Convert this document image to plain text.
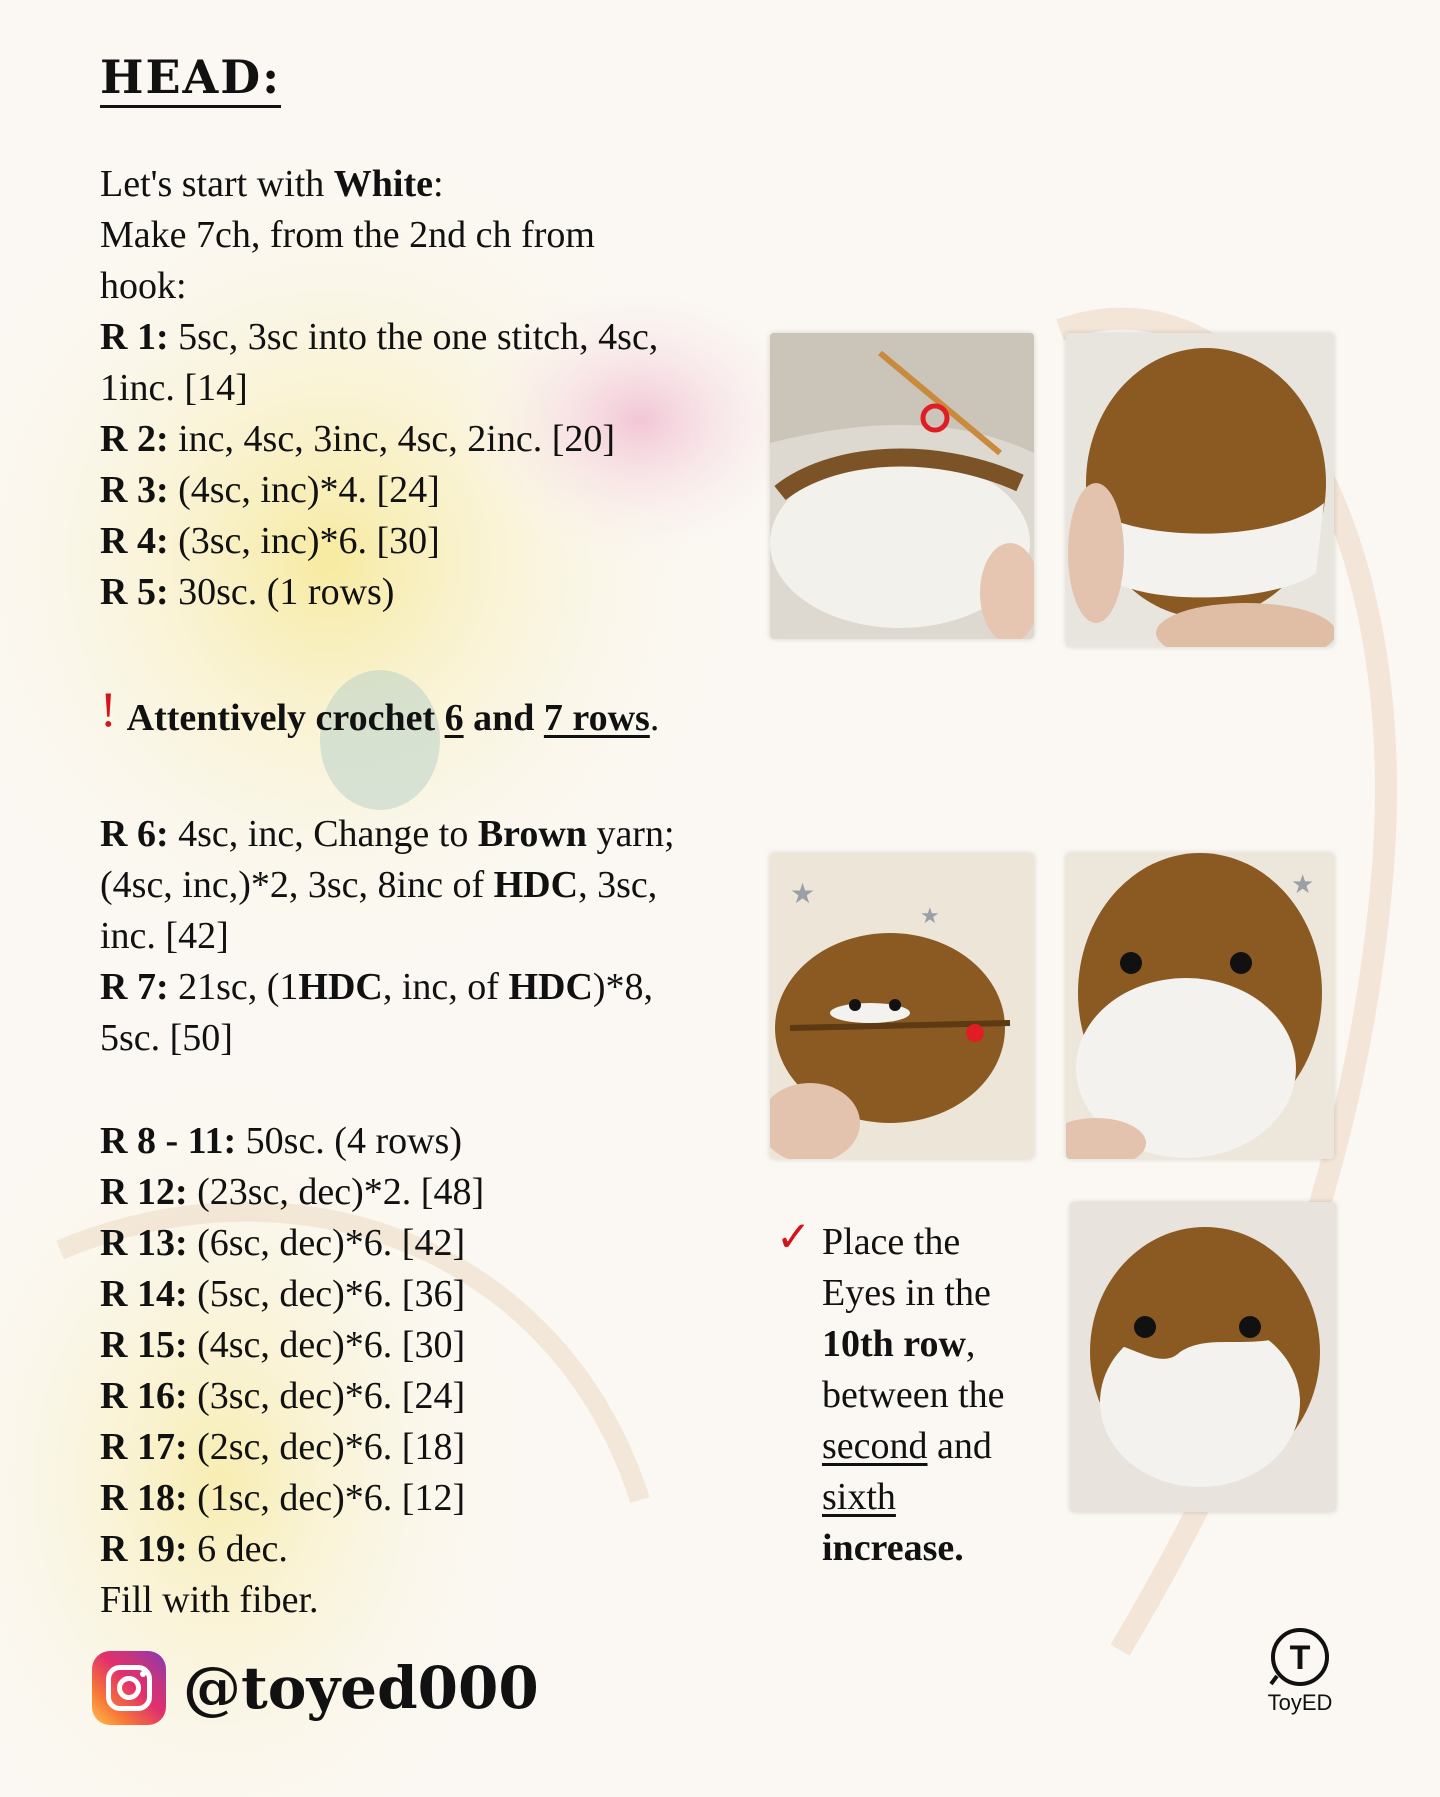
HEAD:
Let's start with White:
Make 7ch, from the 2nd ch from
hook:
R 1: 5sc, 3sc into the one stitch, 4sc,
1inc. [14]
R 2: inc, 4sc, 3inc, 4sc, 2inc. [20]
R 3: (4sc, inc)*4. [24]
R 4: (3sc, inc)*6. [30]
R 5: 30sc. (1 rows)
! Attentively crochet 6 and 7 rows.
R 6: 4sc, inc, Change to Brown yarn;
(4sc, inc,)*2, 3sc, 8inc of HDC, 3sc,
inc. [42]
R 7: 21sc, (1HDC, inc, of HDC)*8,
5sc. [50]
R 8 - 11: 50sc. (4 rows)
R 12: (23sc, dec)*2. [48]
R 13: (6sc, dec)*6. [42]
R 14: (5sc, dec)*6. [36]
R 15: (4sc, dec)*6. [30]
R 16: (3sc, dec)*6. [24]
R 17: (2sc, dec)*6. [18]
R 18: (1sc, dec)*6. [12]
R 19: 6 dec.
Fill with fiber.
★
★
★
✓ Place the
Eyes in the
10th row,
between the
second and
sixth
increase.
@toyed000	T
ToyED
